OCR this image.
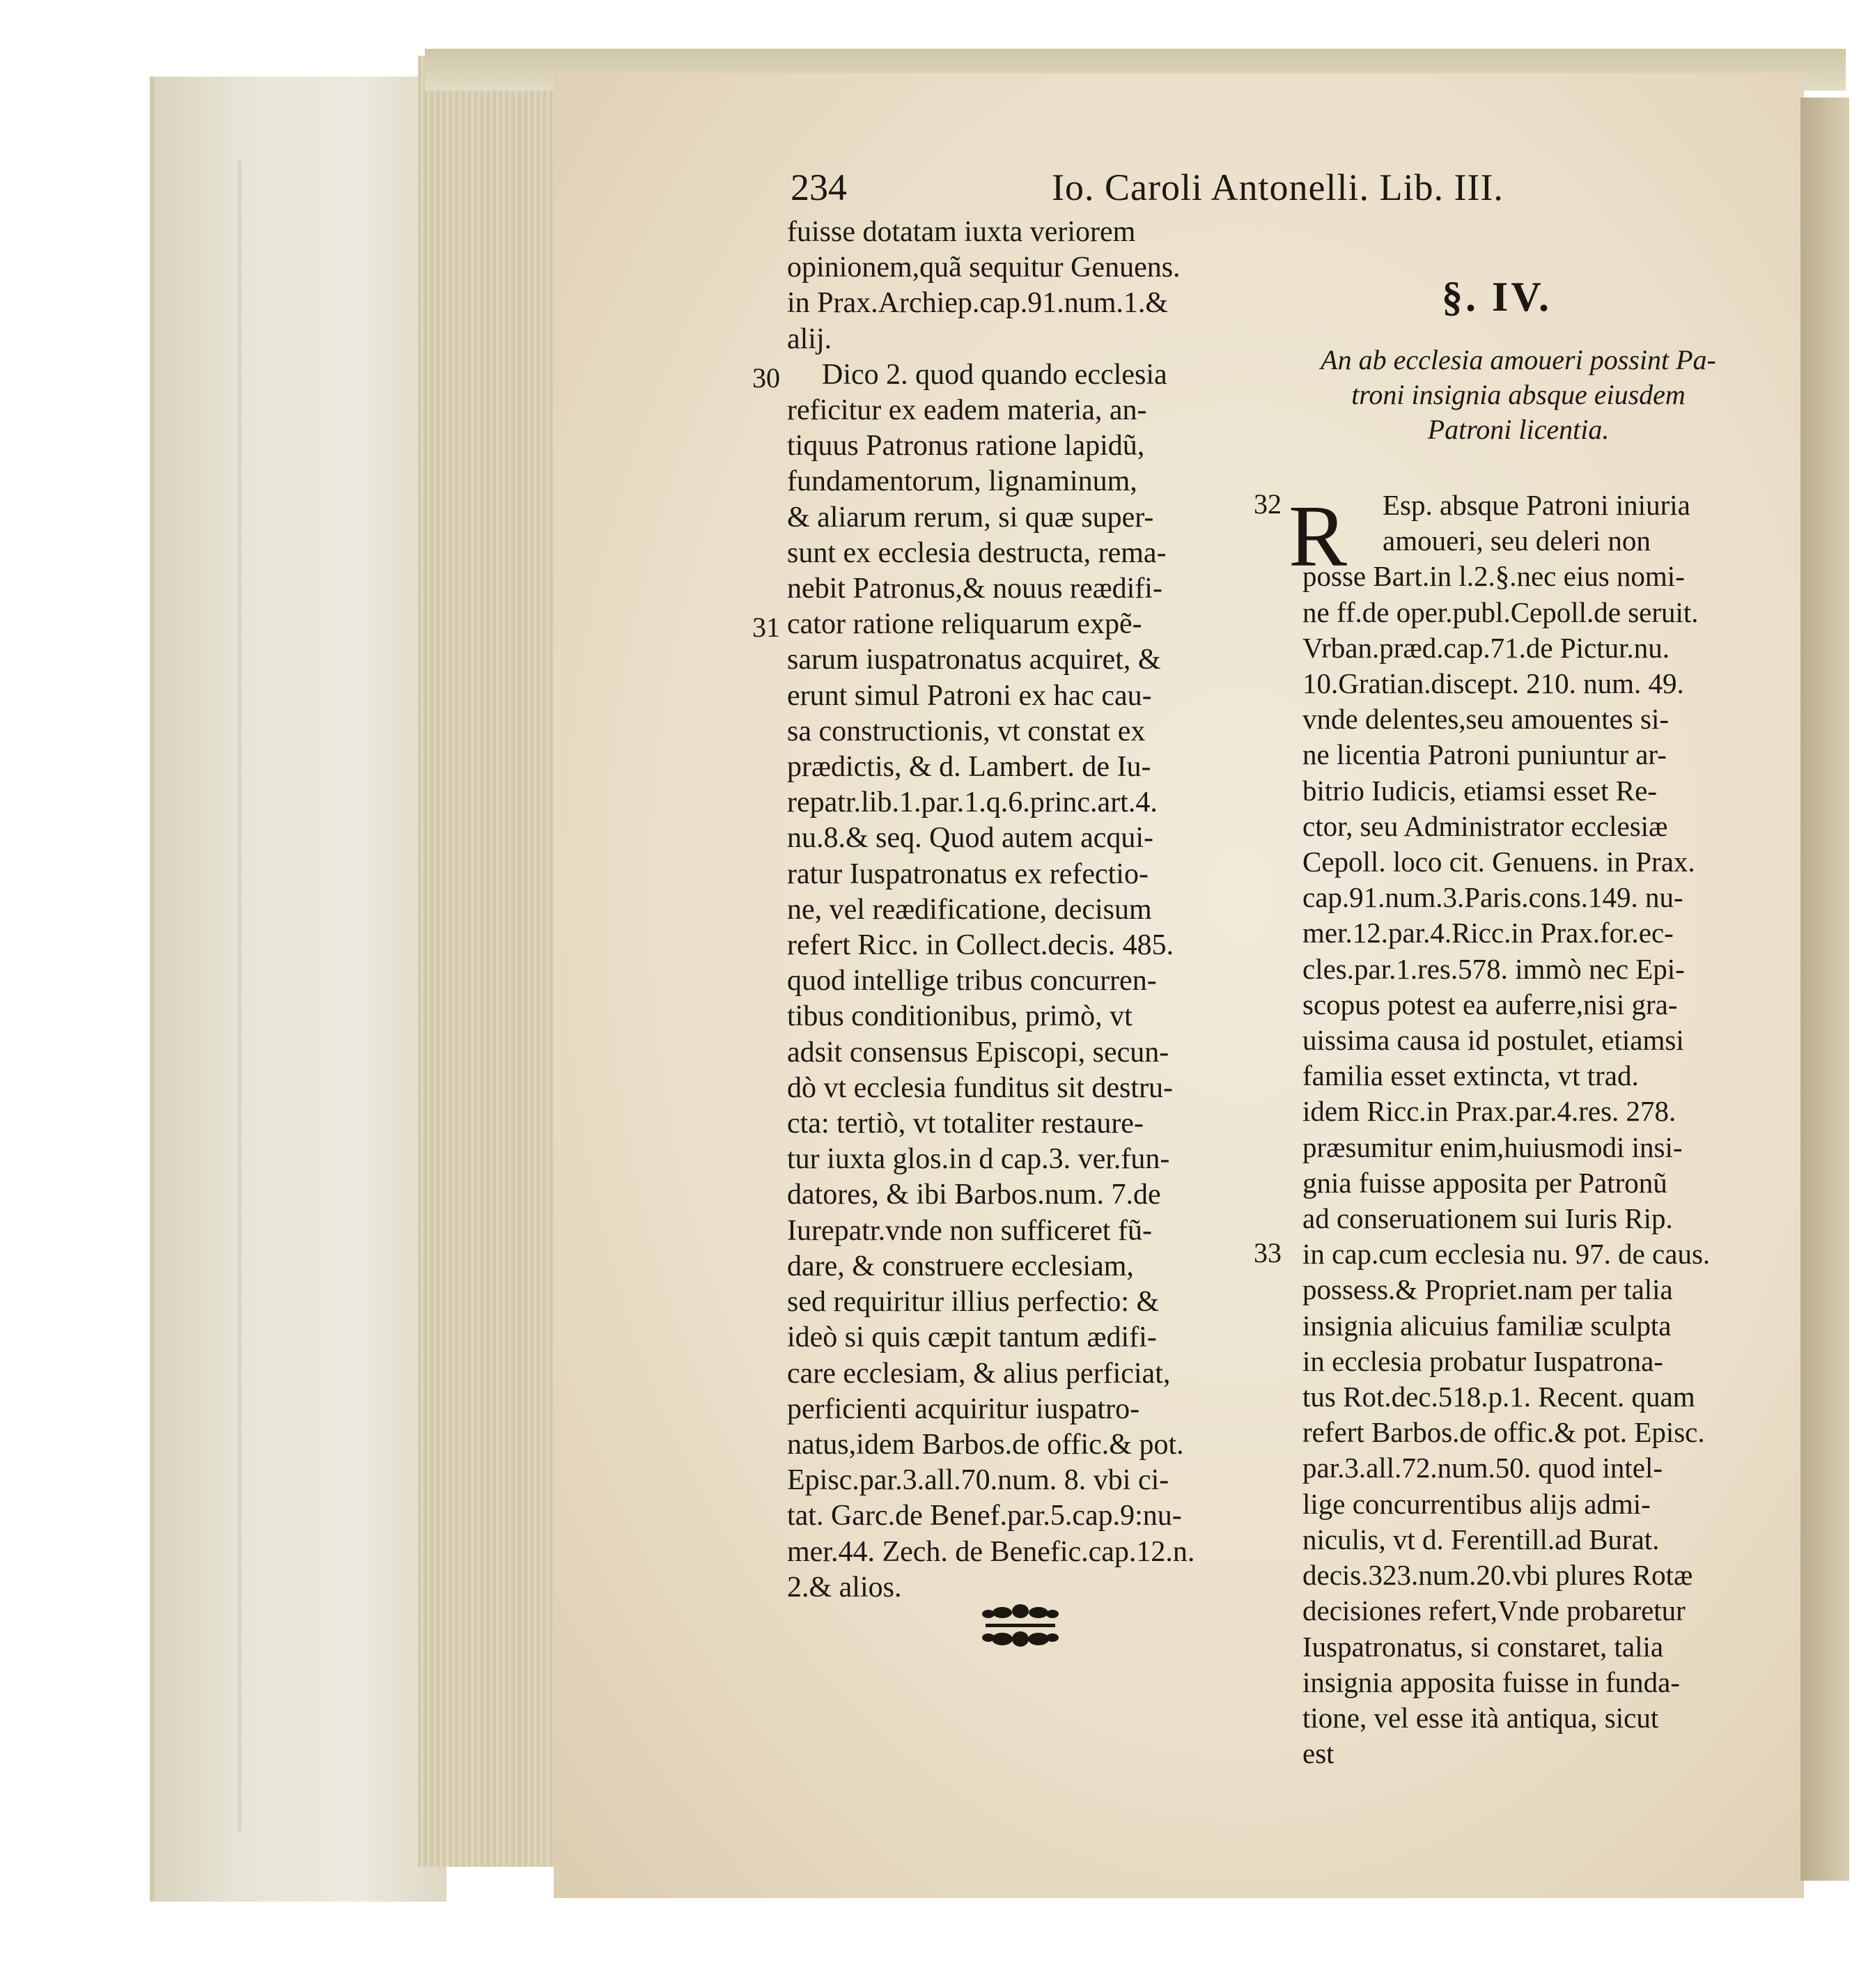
234	Io. Caroli Antonelli. Lib. III.
fuisse dotatam iuxta veriorem
opinionem,quã sequitur Genuens.
in Prax.Archiep.cap.91.num.1.&
alij.
Dico 2. quod quando ecclesia
reficitur ex eadem materia, an-
tiquus Patronus ratione lapidũ,
fundamentorum, lignaminum,
& aliarum rerum, si quæ super-
sunt ex ecclesia destructa, rema-
nebit Patronus,& nouus reædifi-
cator ratione reliquarum expẽ-
sarum iuspatronatus acquiret, &
erunt simul Patroni ex hac cau-
sa constructionis, vt constat ex
prædictis, & d. Lambert. de Iu-
repatr.lib.1.par.1.q.6.princ.art.4.
nu.8.& seq. Quod autem acqui-
ratur Iuspatronatus ex refectio-
ne, vel reædificatione, decisum
refert Ricc. in Collect.decis. 485.
quod intellige tribus concurren-
tibus conditionibus, primò, vt
adsit consensus Episcopi, secun-
dò vt ecclesia funditus sit destru-
cta: tertiò, vt totaliter restaure-
tur iuxta glos.in d cap.3. ver.fun-
datores, & ibi Barbos.num. 7.de
Iurepatr.vnde non sufficeret fũ-
dare, & construere ecclesiam,
sed requiritur illius perfectio: &
ideò si quis cæpit tantum ædifi-
care ecclesiam, & alius perficiat,
perficienti acquiritur iuspatro-
natus,idem Barbos.de offic.& pot.
Episc.par.3.all.70.num. 8. vbi ci-
tat. Garc.de Benef.par.5.cap.9:nu-
mer.44. Zech. de Benefic.cap.12.n.
2.& alios.
30
31
§. IV.
An ab ecclesia amoueri possint Pa-
troni insignia absque eiusdem
Patroni licentia.
R
32
33
Esp. absque Patroni iniuria
amoueri, seu deleri non
posse Bart.in l.2.§.nec eius nomi-
ne ff.de oper.publ.Cepoll.de seruit.
Vrban.præd.cap.71.de Pictur.nu.
10.Gratian.discept. 210. num. 49.
vnde delentes,seu amouentes si-
ne licentia Patroni puniuntur ar-
bitrio Iudicis, etiamsi esset Re-
ctor, seu Administrator ecclesiæ
Cepoll. loco cit. Genuens. in Prax.
cap.91.num.3.Paris.cons.149. nu-
mer.12.par.4.Ricc.in Prax.for.ec-
cles.par.1.res.578. immò nec Epi-
scopus potest ea auferre,nisi gra-
uissima causa id postulet, etiamsi
familia esset extincta, vt trad.
idem Ricc.in Prax.par.4.res. 278.
præsumitur enim,huiusmodi insi-
gnia fuisse apposita per Patronũ
ad conseruationem sui Iuris Rip.
in cap.cum ecclesia nu. 97. de caus.
possess.& Propriet.nam per talia
insignia alicuius familiæ sculpta
in ecclesia probatur Iuspatrona-
tus Rot.dec.518.p.1. Recent. quam
refert Barbos.de offic.& pot. Episc.
par.3.all.72.num.50. quod intel-
lige concurrentibus alijs admi-
niculis, vt d. Ferentill.ad Burat.
decis.323.num.20.vbi plures Rotæ
decisiones refert,Vnde probaretur
Iuspatronatus, si constaret, talia
insignia apposita fuisse in funda-
tione, vel esse ità antiqua, sicut
est
